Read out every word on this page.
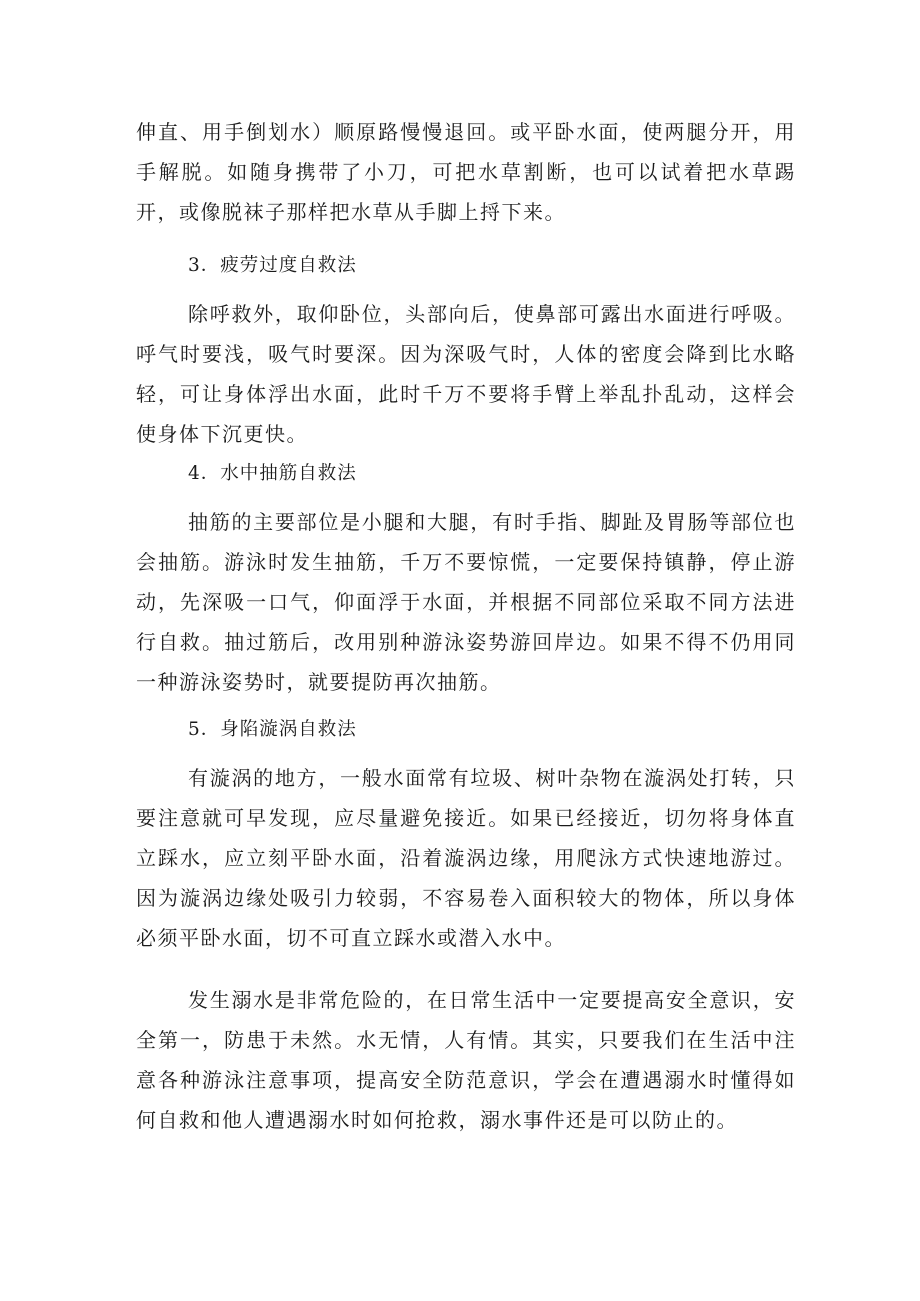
伸直、用手倒划水）顺原路慢慢退回。或平卧水面，使两腿分开，用手解脱。如随身携带了小刀，可把水草割断，也可以试着把水草踢开，或像脱袜子那样把水草从手脚上捋下来。

3．疲劳过度自救法

除呼救外，取仰卧位，头部向后，使鼻部可露出水面进行呼吸。呼气时要浅，吸气时要深。因为深吸气时，人体的密度会降到比水略轻，可让身体浮出水面，此时千万不要将手臂上举乱扑乱动，这样会使身体下沉更快。

4．水中抽筋自救法

抽筋的主要部位是小腿和大腿，有时手指、脚趾及胃肠等部位也会抽筋。游泳时发生抽筋，千万不要惊慌，一定要保持镇静，停止游动，先深吸一口气，仰面浮于水面，并根据不同部位采取不同方法进行自救。抽过筋后，改用别种游泳姿势游回岸边。如果不得不仍用同一种游泳姿势时，就要提防再次抽筋。

5．身陷漩涡自救法

有漩涡的地方，一般水面常有垃圾、树叶杂物在漩涡处打转，只要注意就可早发现，应尽量避免接近。如果已经接近，切勿将身体直立踩水，应立刻平卧水面，沿着漩涡边缘，用爬泳方式快速地游过。因为漩涡边缘处吸引力较弱，不容易卷入面积较大的物体，所以身体必须平卧水面，切不可直立踩水或潜入水中。

发生溺水是非常危险的，在日常生活中一定要提高安全意识，安全第一，防患于未然。水无情，人有情。其实，只要我们在生活中注意各种游泳注意事项，提高安全防范意识，学会在遭遇溺水时懂得如何自救和他人遭遇溺水时如何抢救，溺水事件还是可以防止的。
